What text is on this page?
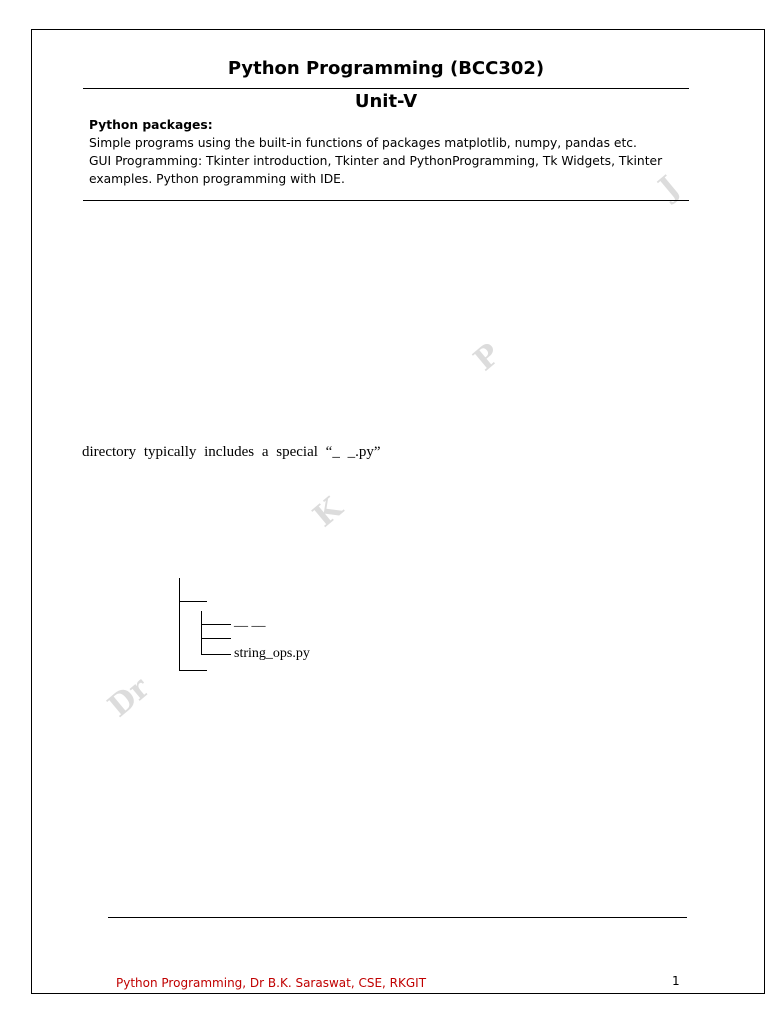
Dr
K
P
J
Python Programming (BCC302)
Unit-V
Python packages:
Simple programs using the built-in functions of packages matplotlib, numpy, pandas etc.
GUI Programming: Tkinter introduction, Tkinter and PythonProgramming, Tk Widgets, Tkinter
examples. Python programming with IDE.
directory typically includes a special “_ _.py”
__ __
string_ops.py
Python Programming, Dr B.K. Saraswat, CSE, RKGIT	1
